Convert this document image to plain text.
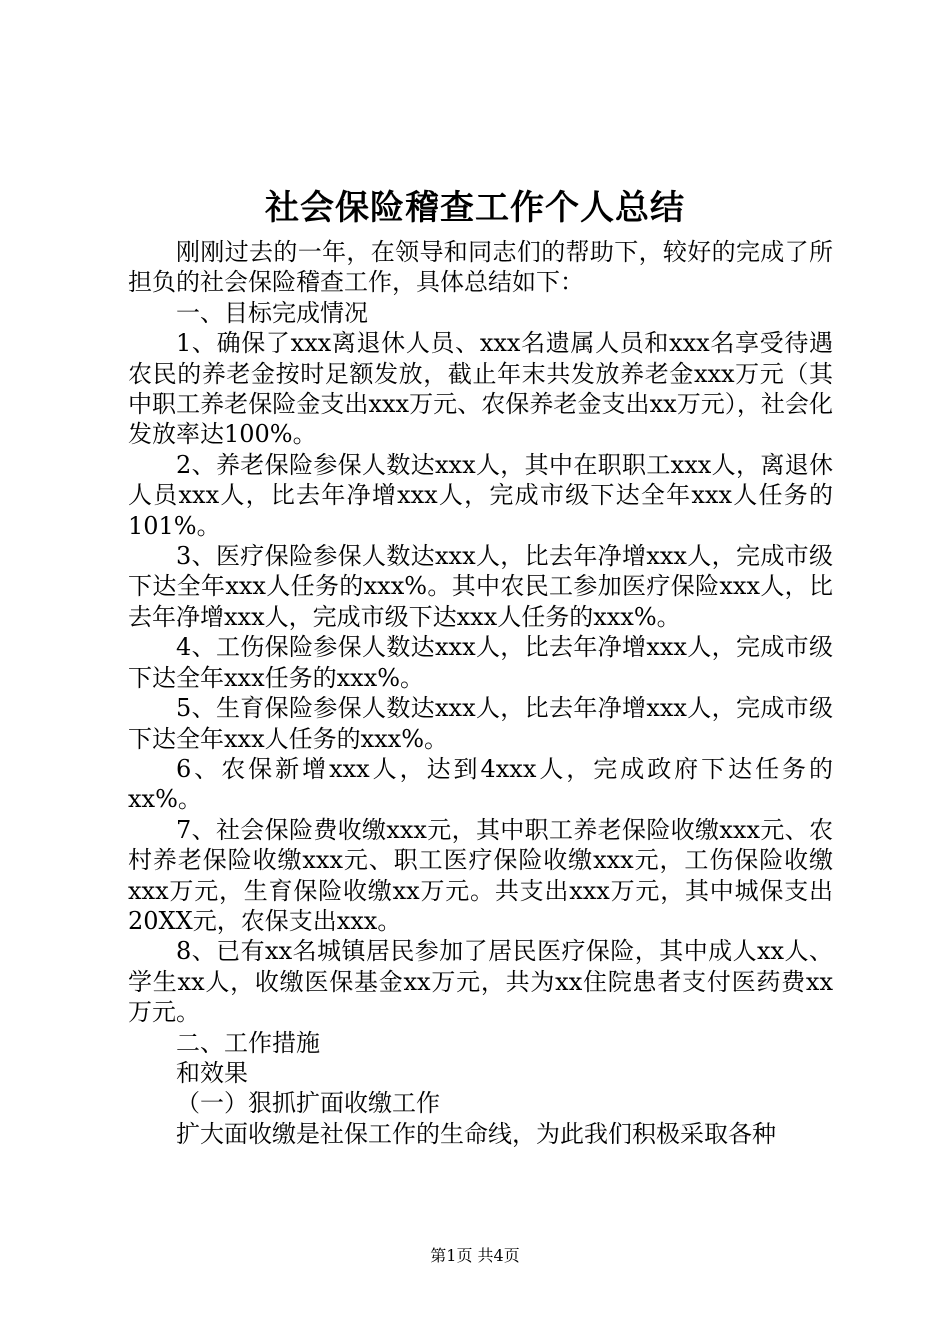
社会保险稽查工作个人总结

刚刚过去的一年，在领导和同志们的帮助下，较好的完成了所担负的社会保险稽查工作，具体总结如下：

一、目标完成情况

1、确保了xxx离退休人员、xxx名遗属人员和xxx名享受待遇农民的养老金按时足额发放，截止年末共发放养老金xxx万元（其中职工养老保险金支出xxx万元、农保养老金支出xx万元），社会化发放率达100%。

2、养老保险参保人数达xxx人，其中在职职工xxx人，离退休人员xxx人，比去年净增xxx人，完成市级下达全年xxx人任务的101%。

3、医疗保险参保人数达xxx人，比去年净增xxx人，完成市级下达全年xxx人任务的xxx%。其中农民工参加医疗保险xxx人，比去年净增xxx人，完成市级下达xxx人任务的xxx%。

4、工伤保险参保人数达xxx人，比去年净增xxx人，完成市级下达全年xxx任务的xxx%。

5、生育保险参保人数达xxx人，比去年净增xxx人，完成市级下达全年xxx人任务的xxx%。

6、农保新增xxx人，达到4xxx人，完成政府下达任务的xx%。

7、社会保险费收缴xxx元，其中职工养老保险收缴xxx元、农村养老保险收缴xxx元、职工医疗保险收缴xxx元，工伤保险收缴xxx万元，生育保险收缴xx万元。共支出xxx万元，其中城保支出20XX元，农保支出xxx。

8、已有xx名城镇居民参加了居民医疗保险，其中成人xx人、学生xx人，收缴医保基金xx万元，共为xx住院患者支付医药费xx万元。

二、工作措施

和效果

（一）狠抓扩面收缴工作

扩大面收缴是社保工作的生命线，为此我们积极采取各种

第1页 共4页
